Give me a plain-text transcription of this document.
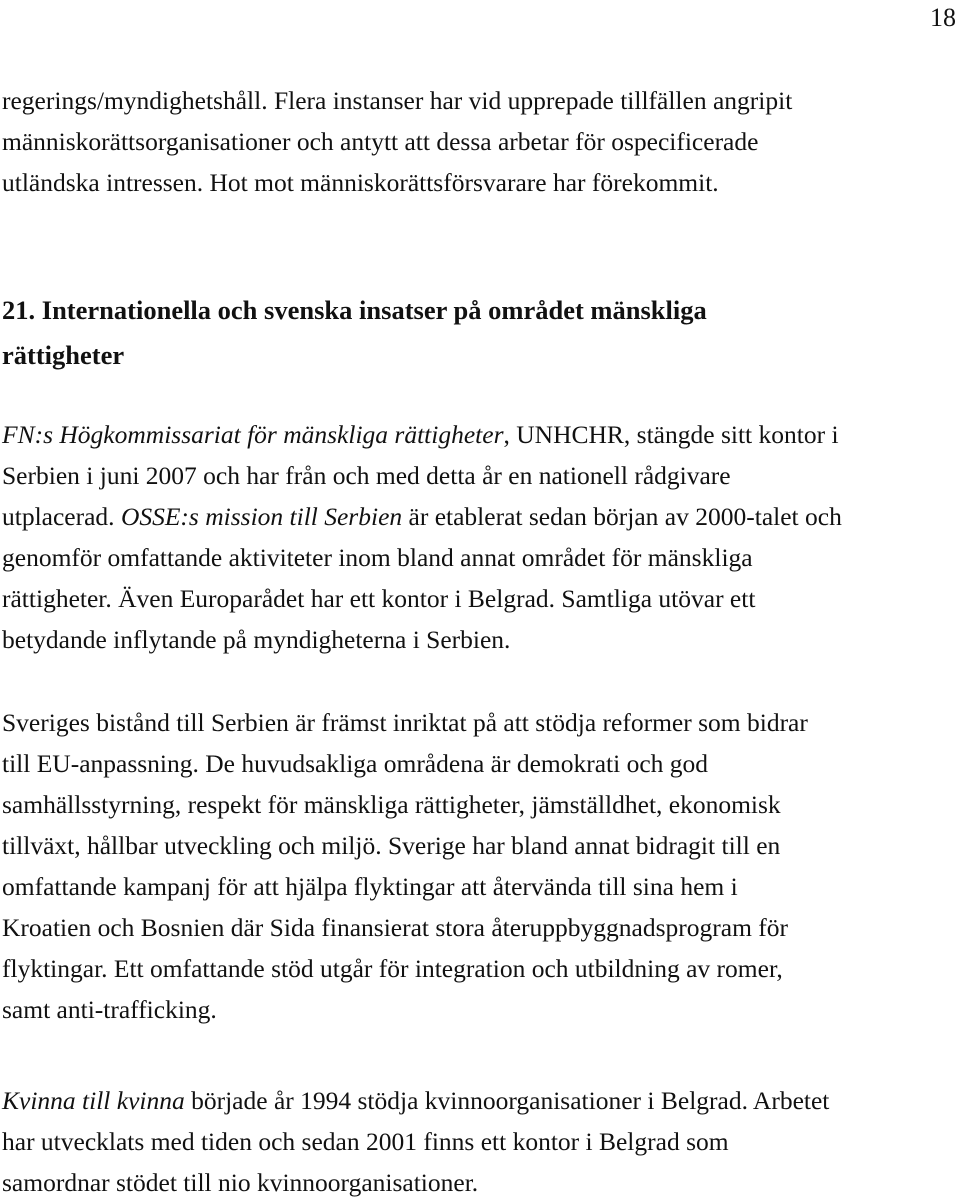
18

regerings/myndighetshåll. Flera instanser har vid upprepade tillfällen angripit
människorättsorganisationer och antytt att dessa arbetar för ospecificerade
utländska intressen. Hot mot människorättsförsvarare har förekommit.

21. Internationella och svenska insatser på området mänskliga
rättigheter

FN:s Högkommissariat för mänskliga rättigheter, UNHCHR, stängde sitt kontor i
Serbien i juni 2007 och har från och med detta år en nationell rådgivare
utplacerad. OSSE:s mission till Serbien är etablerat sedan början av 2000-talet och
genomför omfattande aktiviteter inom bland annat området för mänskliga
rättigheter. Även Europarådet har ett kontor i Belgrad. Samtliga utövar ett
betydande inflytande på myndigheterna i Serbien.

Sveriges bistånd till Serbien är främst inriktat på att stödja reformer som bidrar
till EU-anpassning. De huvudsakliga områdena är demokrati och god
samhällsstyrning, respekt för mänskliga rättigheter, jämställdhet, ekonomisk
tillväxt, hållbar utveckling och miljö. Sverige har bland annat bidragit till en
omfattande kampanj för att hjälpa flyktingar att återvända till sina hem i
Kroatien och Bosnien där Sida finansierat stora återuppbyggnadsprogram för
flyktingar. Ett omfattande stöd utgår för integration och utbildning av romer,
samt anti-trafficking.

Kvinna till kvinna började år 1994 stödja kvinnoorganisationer i Belgrad. Arbetet
har utvecklats med tiden och sedan 2001 finns ett kontor i Belgrad som
samordnar stödet till nio kvinnoorganisationer.
